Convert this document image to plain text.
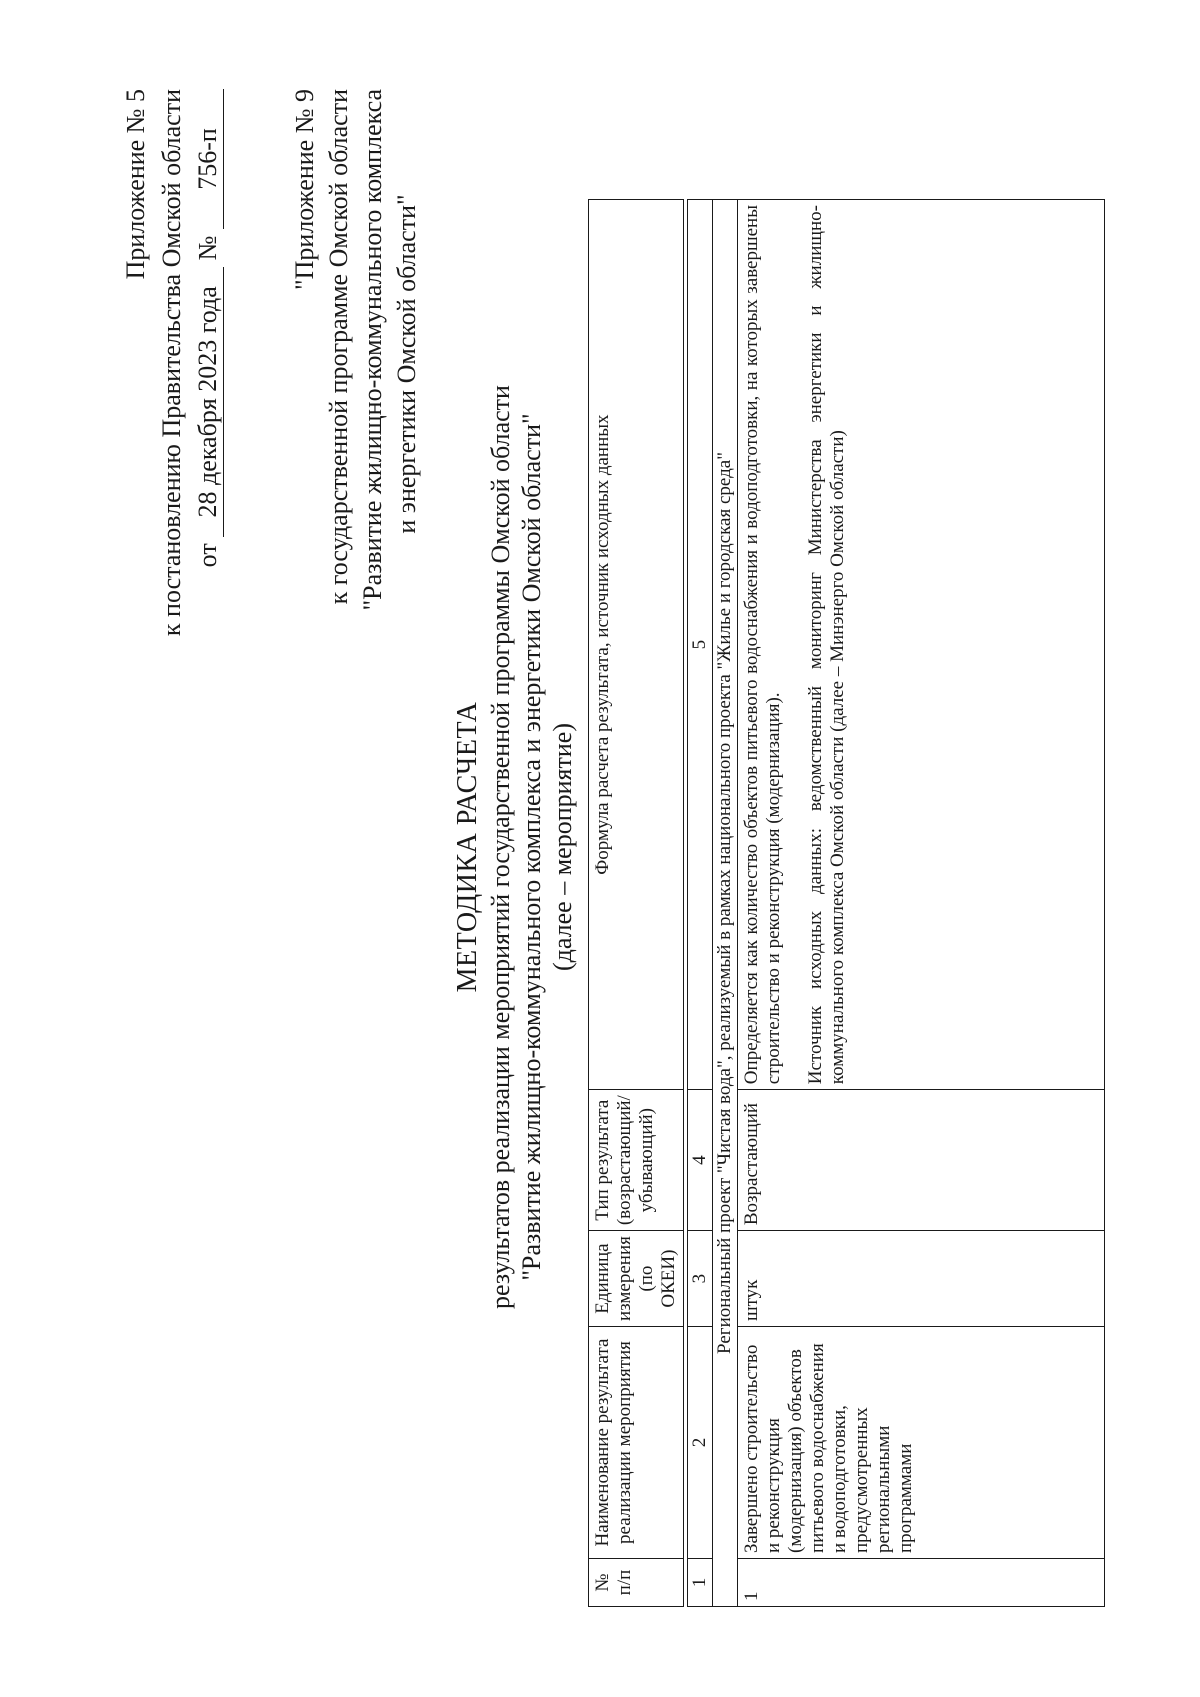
Приложение № 5 к постановлению Правительства Омской области от 28 декабря 2023 года № 756-п	"Приложение № 9 к государственной программе Омской области "Развитие жилищно-коммунального комплекса и энергетики Омской области"
МЕТОДИКА РАСЧЕТА результатов реализации мероприятий государственной программы Омской области "Развитие жилищно-коммунального комплекса и энергетики Омской области" (далее – мероприятие)
№ п/п	Наименование результата реализации мероприятия	Единица измерения (по ОКЕИ)	Тип результата (возрастающий/ убывающий)	Формула расчета результата, источник исходных данных

1	2	3	4	5
Региональный проект "Чистая вода", реализуемый в рамках национального проекта "Жилье и городская среда"				
1	Завершено строительство и реконструкция (модернизация) объектов питьевого водоснабжения и водоподготовки, предусмотренных региональными программами	штук	Возрастающий	Определяется как количество объектов питьевого водоснабжения и водоподготовки, на которых завершены строительство и реконструкция (модернизация). Источник исходных данных: ведомственный мониторинг Министерства энергетики и жилищно-коммунального комплекса Омской области (далее – Минэнерго Омской области)
